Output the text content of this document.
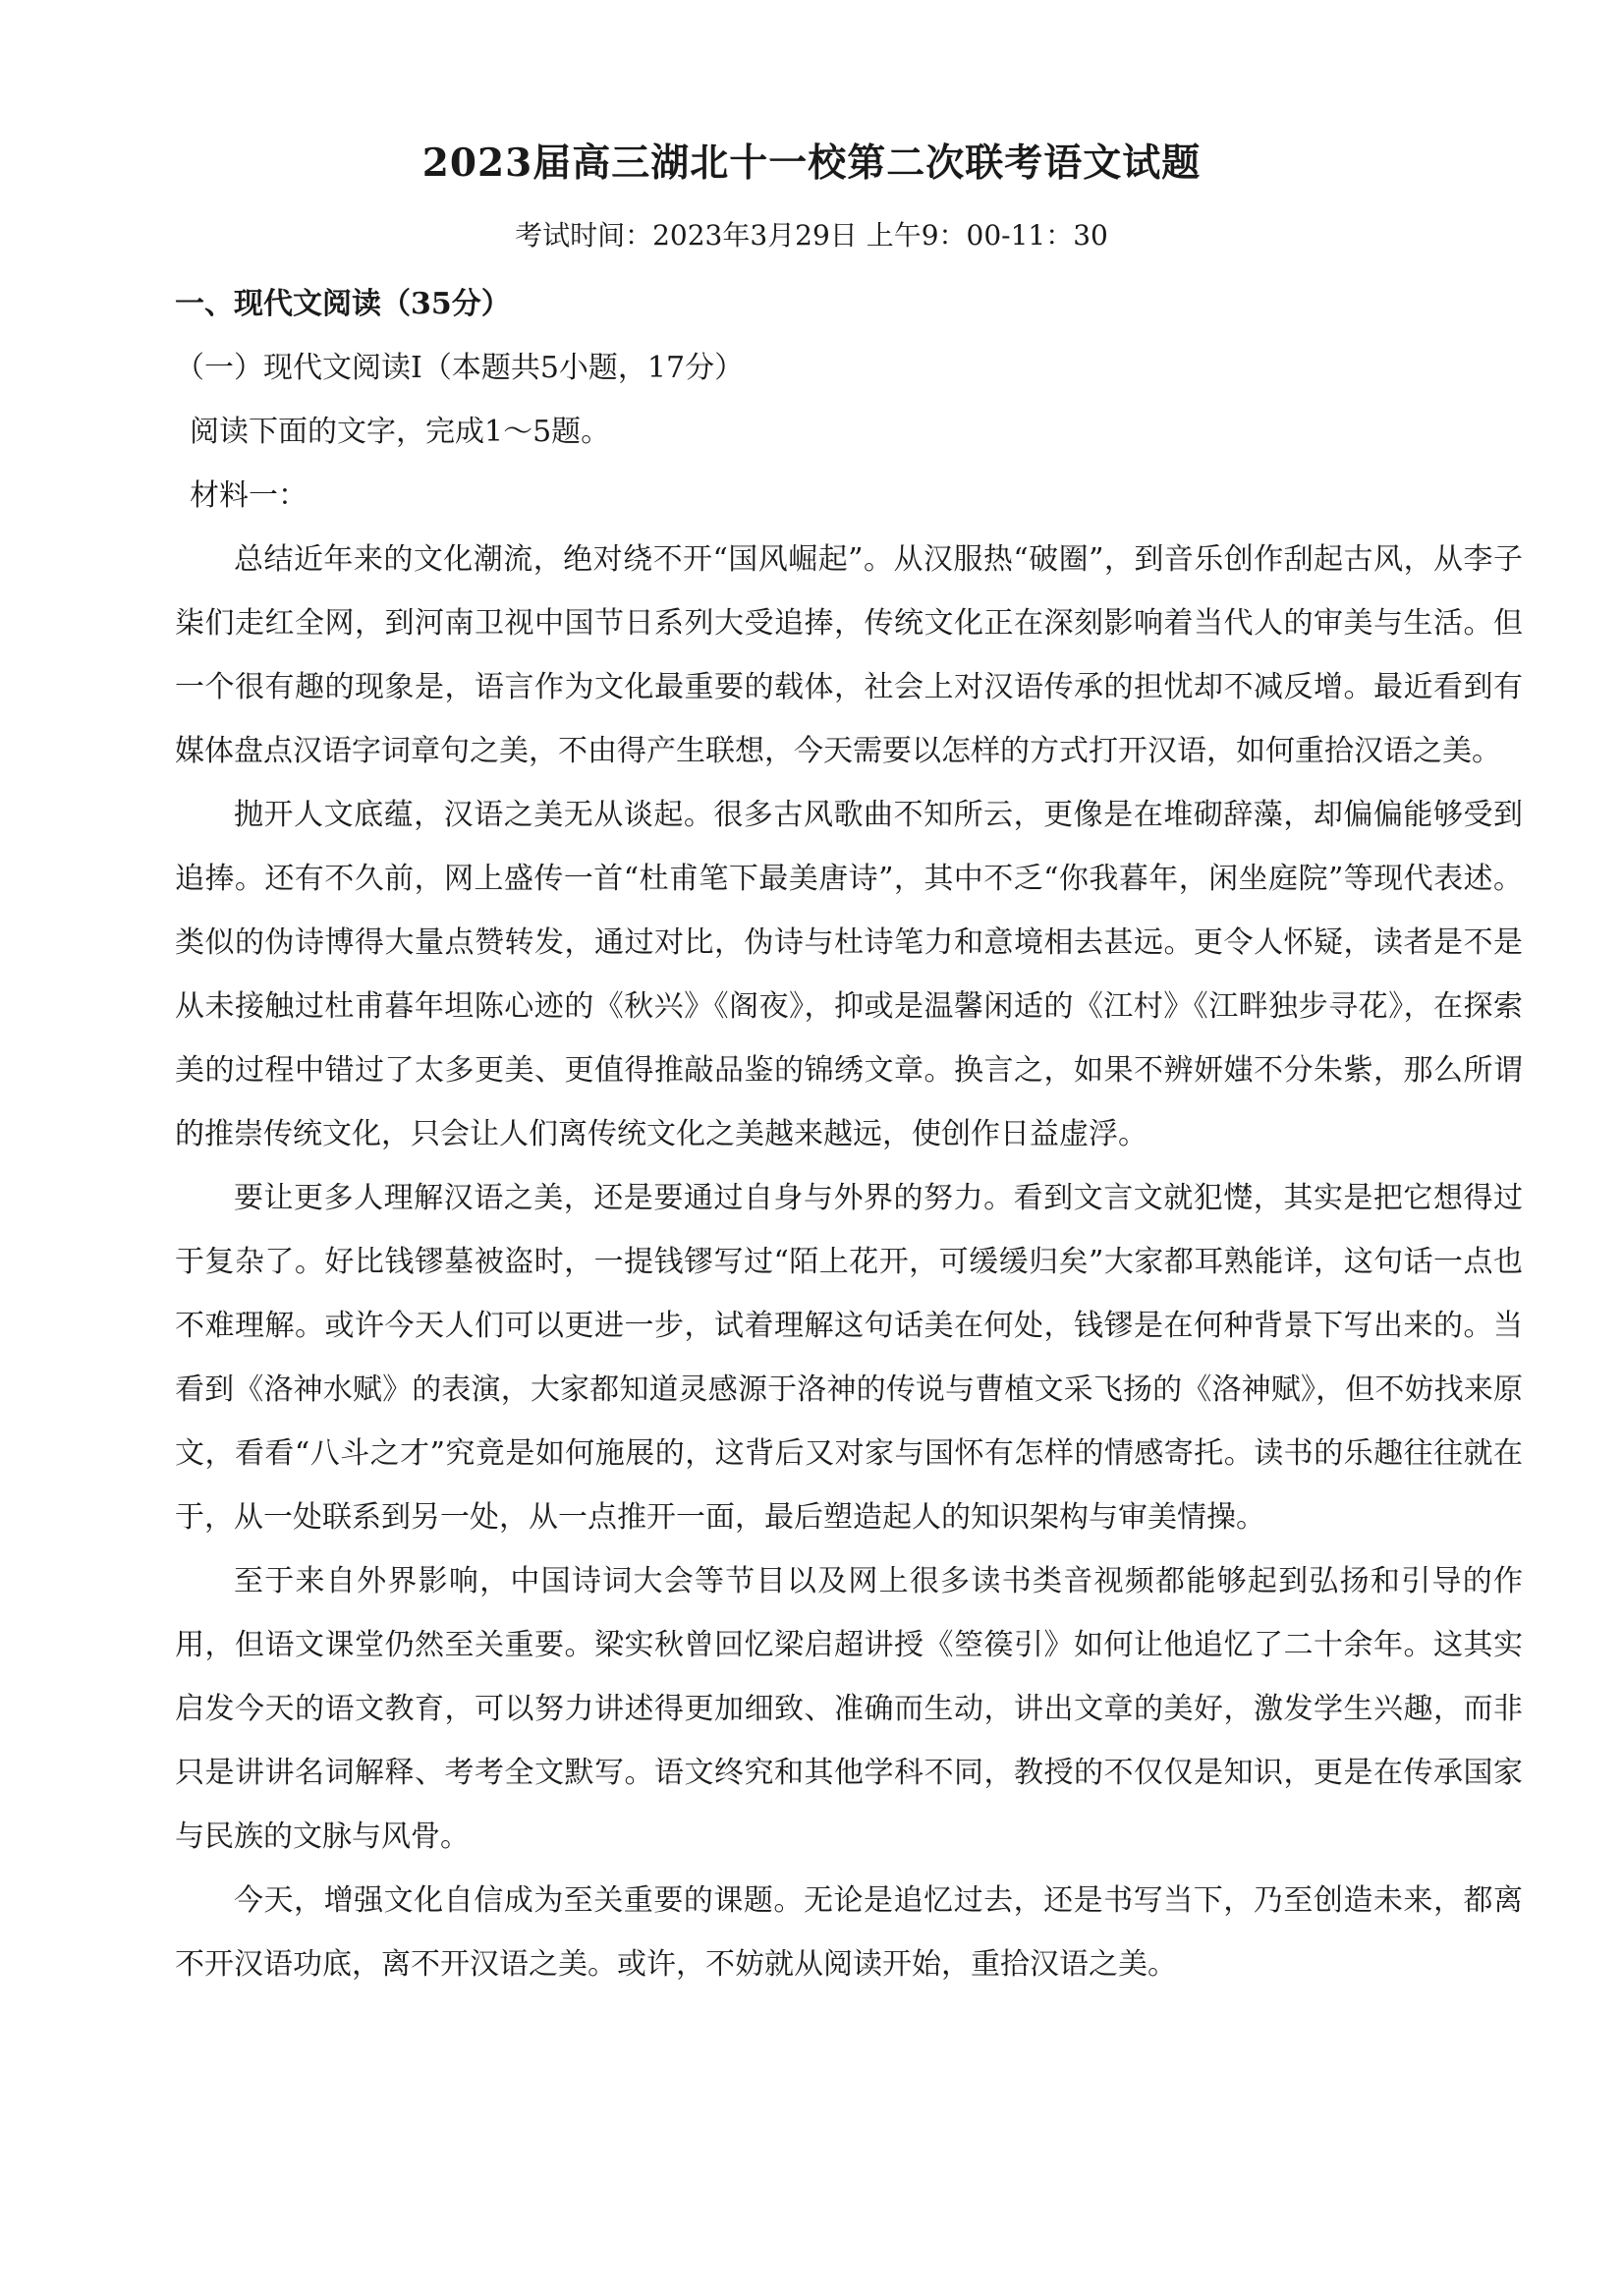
2023届高三湖北十一校第二次联考语文试题

考试时间：2023年3月29日 上午9：00-11：30

一、现代文阅读（35分）

（一）现代文阅读I（本题共5小题，17分）

阅读下面的文字，完成1～5题。

材料一：

总结近年来的文化潮流，绝对绕不开“国风崛起”。从汉服热“破圈”，到音乐创作刮起古风，从李子柒们走红全网，到河南卫视中国节日系列大受追捧，传统文化正在深刻影响着当代人的审美与生活。但一个很有趣的现象是，语言作为文化最重要的载体，社会上对汉语传承的担忧却不减反增。最近看到有媒体盘点汉语字词章句之美，不由得产生联想，今天需要以怎样的方式打开汉语，如何重拾汉语之美。

抛开人文底蕴，汉语之美无从谈起。很多古风歌曲不知所云，更像是在堆砌辞藻，却偏偏能够受到追捧。还有不久前，网上盛传一首“杜甫笔下最美唐诗”，其中不乏“你我暮年，闲坐庭院”等现代表述。类似的伪诗博得大量点赞转发，通过对比，伪诗与杜诗笔力和意境相去甚远。更令人怀疑，读者是不是从未接触过杜甫暮年坦陈心迹的《秋兴》《阁夜》，抑或是温馨闲适的《江村》《江畔独步寻花》，在探索美的过程中错过了太多更美、更值得推敲品鉴的锦绣文章。换言之，如果不辨妍媸不分朱紫，那么所谓的推崇传统文化，只会让人们离传统文化之美越来越远，使创作日益虚浮。

要让更多人理解汉语之美，还是要通过自身与外界的努力。看到文言文就犯憷，其实是把它想得过于复杂了。好比钱镠墓被盗时，一提钱镠写过“陌上花开，可缓缓归矣”大家都耳熟能详，这句话一点也不难理解。或许今天人们可以更进一步，试着理解这句话美在何处，钱镠是在何种背景下写出来的。当看到《洛神水赋》的表演，大家都知道灵感源于洛神的传说与曹植文采飞扬的《洛神赋》，但不妨找来原文，看看“八斗之才”究竟是如何施展的，这背后又对家与国怀有怎样的情感寄托。读书的乐趣往往就在于，从一处联系到另一处，从一点推开一面，最后塑造起人的知识架构与审美情操。

至于来自外界影响，中国诗词大会等节目以及网上很多读书类音视频都能够起到弘扬和引导的作用，但语文课堂仍然至关重要。梁实秋曾回忆梁启超讲授《箜篌引》如何让他追忆了二十余年。这其实启发今天的语文教育，可以努力讲述得更加细致、准确而生动，讲出文章的美好，激发学生兴趣，而非只是讲讲名词解释、考考全文默写。语文终究和其他学科不同，教授的不仅仅是知识，更是在传承国家与民族的文脉与风骨。

今天，增强文化自信成为至关重要的课题。无论是追忆过去，还是书写当下，乃至创造未来，都离不开汉语功底，离不开汉语之美。或许，不妨就从阅读开始，重拾汉语之美。
